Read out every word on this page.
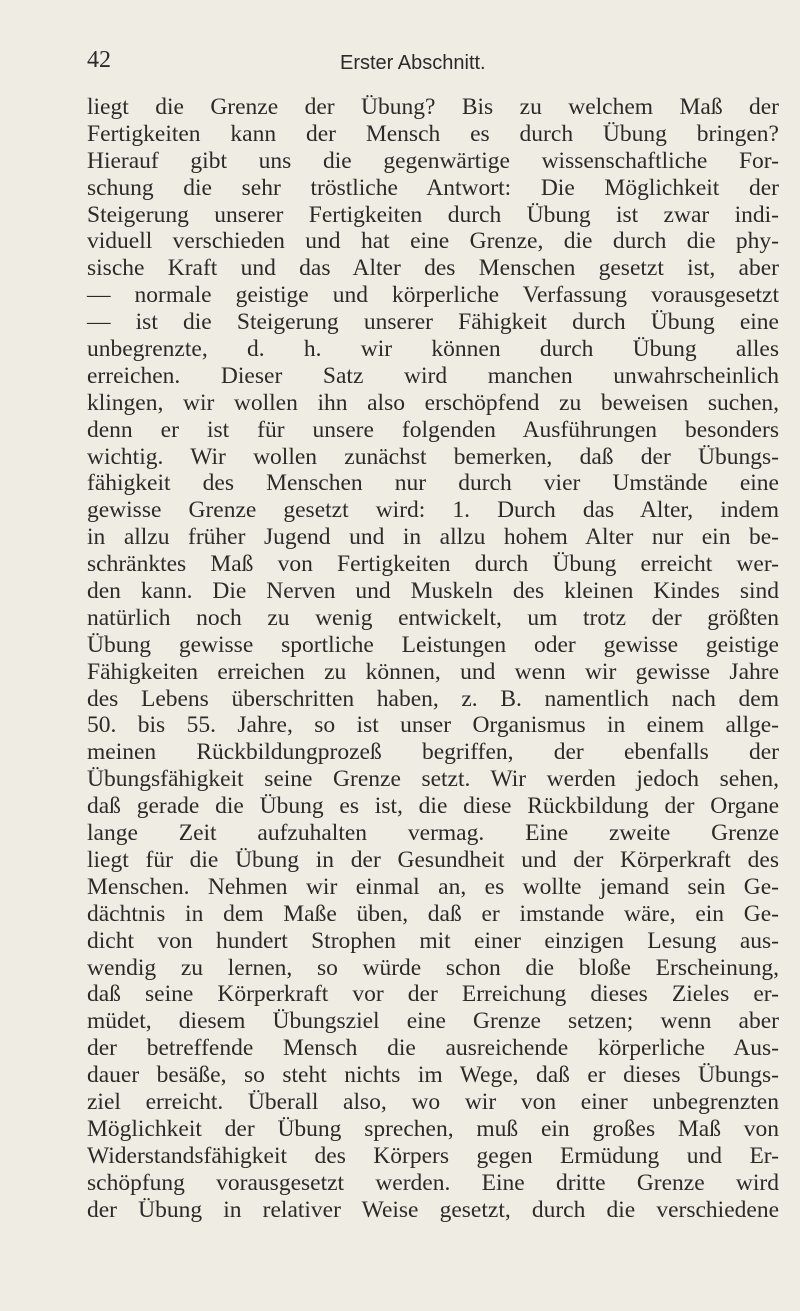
42	Erster Abschnitt.
liegt die Grenze der Übung? Bis zu welchem Maß der
Fertigkeiten kann der Mensch es durch Übung bringen?
Hierauf gibt uns die gegenwärtige wissenschaftliche For-
schung die sehr tröstliche Antwort: Die Möglichkeit der
Steigerung unserer Fertigkeiten durch Übung ist zwar indi-
viduell verschieden und hat eine Grenze, die durch die phy-
sische Kraft und das Alter des Menschen gesetzt ist, aber
— normale geistige und körperliche Verfassung vorausgesetzt
— ist die Steigerung unserer Fähigkeit durch Übung eine
unbegrenzte, d. h. wir können durch Übung alles
erreichen. Dieser Satz wird manchen unwahrscheinlich
klingen, wir wollen ihn also erschöpfend zu beweisen suchen,
denn er ist für unsere folgenden Ausführungen besonders
wichtig. Wir wollen zunächst bemerken, daß der Übungs-
fähigkeit des Menschen nur durch vier Umstände eine
gewisse Grenze gesetzt wird: 1. Durch das Alter, indem
in allzu früher Jugend und in allzu hohem Alter nur ein be-
schränktes Maß von Fertigkeiten durch Übung erreicht wer-
den kann. Die Nerven und Muskeln des kleinen Kindes sind
natürlich noch zu wenig entwickelt, um trotz der größten
Übung gewisse sportliche Leistungen oder gewisse geistige
Fähigkeiten erreichen zu können, und wenn wir gewisse Jahre
des Lebens überschritten haben, z. B. namentlich nach dem
50. bis 55. Jahre, so ist unser Organismus in einem allge-
meinen Rückbildungprozeß begriffen, der ebenfalls der
Übungsfähigkeit seine Grenze setzt. Wir werden jedoch sehen,
daß gerade die Übung es ist, die diese Rückbildung der Organe
lange Zeit aufzuhalten vermag. Eine zweite Grenze
liegt für die Übung in der Gesundheit und der Körperkraft des
Menschen. Nehmen wir einmal an, es wollte jemand sein Ge-
dächtnis in dem Maße üben, daß er imstande wäre, ein Ge-
dicht von hundert Strophen mit einer einzigen Lesung aus-
wendig zu lernen, so würde schon die bloße Erscheinung,
daß seine Körperkraft vor der Erreichung dieses Zieles er-
müdet, diesem Übungsziel eine Grenze setzen; wenn aber
der betreffende Mensch die ausreichende körperliche Aus-
dauer besäße, so steht nichts im Wege, daß er dieses Übungs-
ziel erreicht. Überall also, wo wir von einer unbegrenzten
Möglichkeit der Übung sprechen, muß ein großes Maß von
Widerstandsfähigkeit des Körpers gegen Ermüdung und Er-
schöpfung vorausgesetzt werden. Eine dritte Grenze wird
der Übung in relativer Weise gesetzt, durch die verschiedene
